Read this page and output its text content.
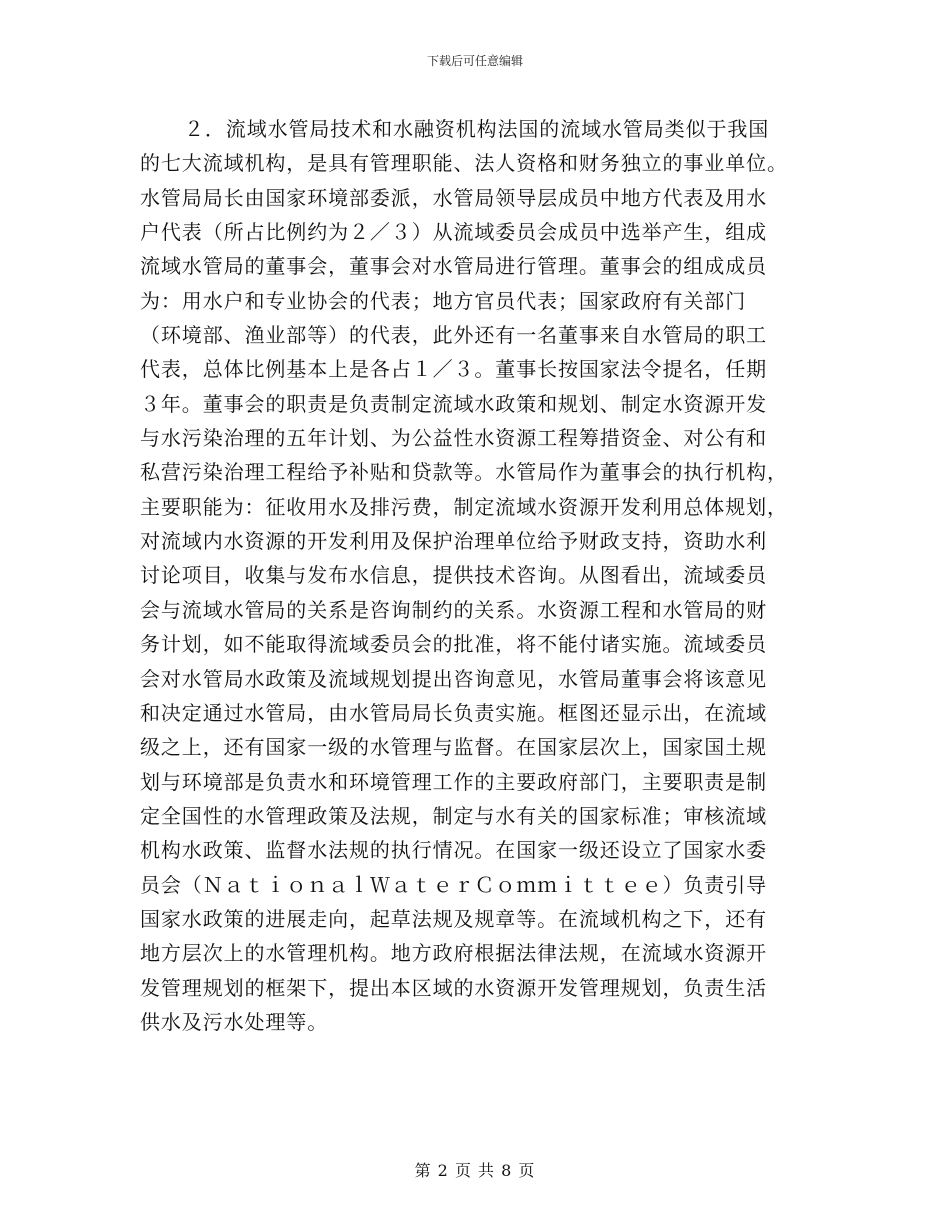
下载后可任意编辑
２．流域水管局技术和水融资机构法国的流域水管局类似于我国
的七大流域机构，是具有管理职能、法人资格和财务独立的事业单位。
水管局局长由国家环境部委派，水管局领导层成员中地方代表及用水
户代表（所占比例约为２／３）从流域委员会成员中选举产生，组成
流域水管局的董事会，董事会对水管局进行管理。董事会的组成成员
为：用水户和专业协会的代表；地方官员代表；国家政府有关部门
（环境部、渔业部等）的代表，此外还有一名董事来自水管局的职工
代表，总体比例基本上是各占１／３。董事长按国家法令提名，任期
３年。董事会的职责是负责制定流域水政策和规划、制定水资源开发
与水污染治理的五年计划、为公益性水资源工程筹措资金、对公有和
私营污染治理工程给予补贴和贷款等。水管局作为董事会的执行机构，
主要职能为：征收用水及排污费，制定流域水资源开发利用总体规划，
对流域内水资源的开发利用及保护治理单位给予财政支持，资助水利
讨论项目，收集与发布水信息，提供技术咨询。从图看出，流域委员
会与流域水管局的关系是咨询制约的关系。水资源工程和水管局的财
务计划，如不能取得流域委员会的批准，将不能付诸实施。流域委员
会对水管局水政策及流域规划提出咨询意见，水管局董事会将该意见
和决定通过水管局，由水管局局长负责实施。框图还显示出，在流域
级之上，还有国家一级的水管理与监督。在国家层次上，国家国土规
划与环境部是负责水和环境管理工作的主要政府部门，主要职责是制
定全国性的水管理政策及法规，制定与水有关的国家标准；审核流域
机构水政策、监督水法规的执行情况。在国家一级还设立了国家水委
员会（ＮａｔｉｏｎａｌＷａｔｅｒＣｏｍｍｉｔｔｅｅ）负责引导
国家水政策的进展走向，起草法规及规章等。在流域机构之下，还有
地方层次上的水管理机构。地方政府根据法律法规，在流域水资源开
发管理规划的框架下，提出本区域的水资源开发管理规划，负责生活
供水及污水处理等。
第 2 页 共 8 页
